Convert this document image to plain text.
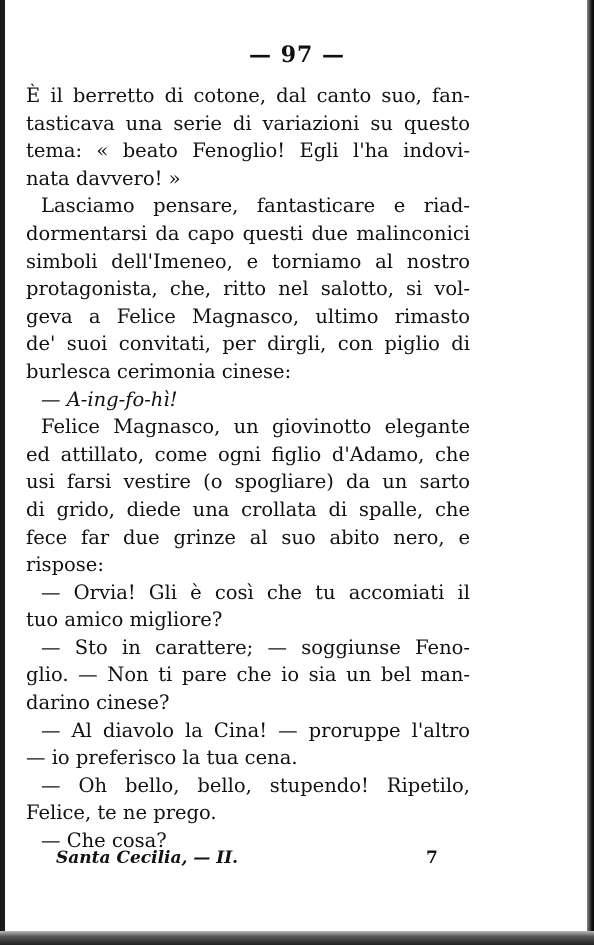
— 97 —
È il berretto di cotone, dal canto suo, fan-
tasticava una serie di variazioni su questo
tema: « beato Fenoglio! Egli l'ha indovi-
nata davvero! »
Lasciamo pensare, fantasticare e riad-
dormentarsi da capo questi due malinconici
simboli dell'Imeneo, e torniamo al nostro
protagonista, che, ritto nel salotto, si vol-
geva a Felice Magnasco, ultimo rimasto
de' suoi convitati, per dirgli, con piglio di
burlesca cerimonia cinese:
— A-ing-fo-hì!
Felice Magnasco, un giovinotto elegante
ed attillato, come ogni figlio d'Adamo, che
usi farsi vestire (o spogliare) da un sarto
di grido, diede una crollata di spalle, che
fece far due grinze al suo abito nero, e
rispose:
— Orvia! Gli è così che tu accomiati il
tuo amico migliore?
— Sto in carattere; — soggiunse Feno-
glio. — Non ti pare che io sia un bel man-
darino cinese?
— Al diavolo la Cina! — proruppe l'altro
— io preferisco la tua cena.
— Oh bello, bello, stupendo! Ripetilo,
Felice, te ne prego.
— Che cosa?
Santa Cecilia, — II.	7
